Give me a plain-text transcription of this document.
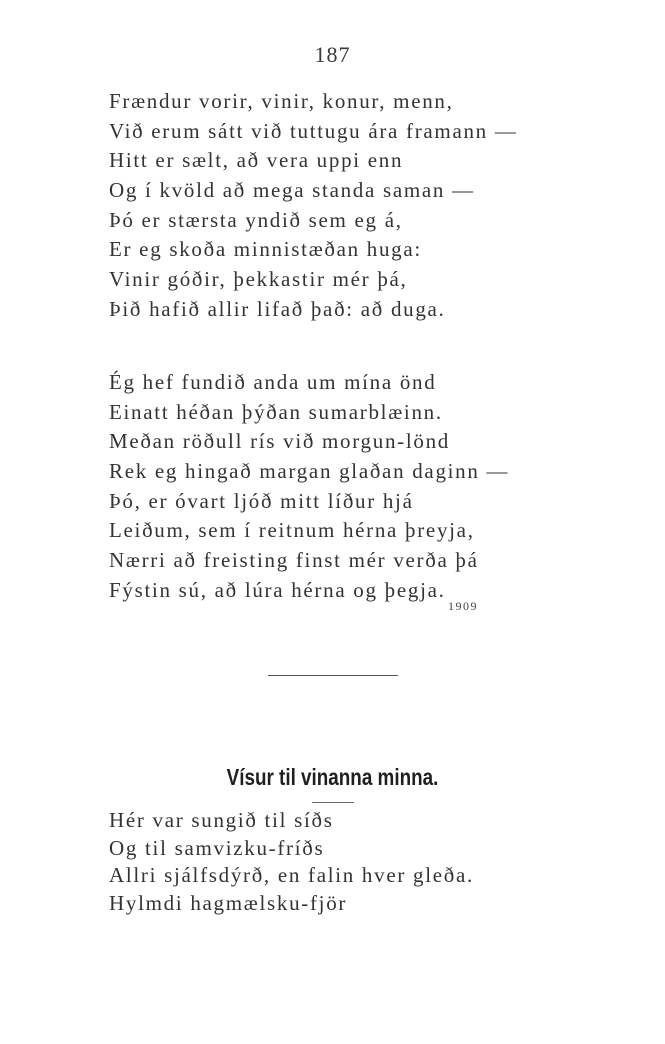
187
Frændur vorir, vinir, konur, menn,
Við erum sátt við tuttugu ára framann —
Hitt er sælt, að vera uppi enn
Og í kvöld að mega standa saman —
Þó er stærsta yndið sem eg á,
Er eg skoða minnistæðan huga:
Vinir góðir, þekkastir mér þá,
Þið hafið allir lifað það: að duga.
Ég hef fundið anda um mína önd
Einatt héðan þýðan sumarblæinn.
Meðan röðull rís við morgun-lönd
Rek eg hingað margan glaðan daginn —
Þó, er óvart ljóð mitt líður hjá
Leiðum, sem í reitnum hérna þreyja,
Nærri að freisting finst mér verða þá
Fýstin sú, að lúra hérna og þegja.
1909
Vísur til vinanna minna.
Hér var sungið til síðs
Og til samvizku-fríðs
Allri sjálfsdýrð, en falin hver gleða.
Hylmdi hagmælsku-fjör
